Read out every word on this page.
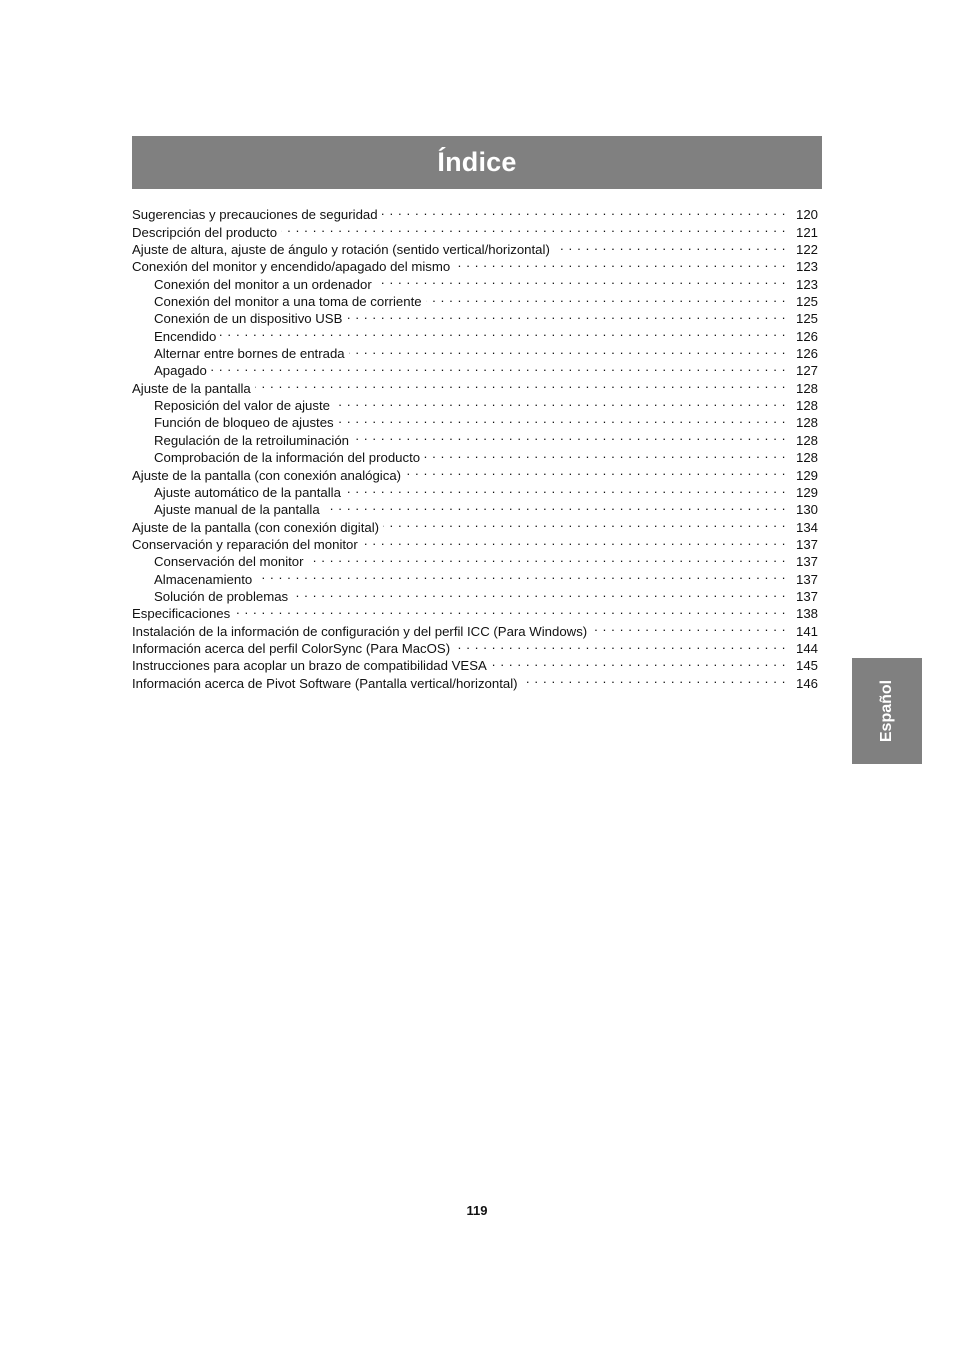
Índice
Sugerencias y precauciones de seguridad . . .	120
Descripción del producto . . .	121
Ajuste de altura, ajuste de ángulo y rotación (sentido vertical/horizontal) . . .	122
Conexión del monitor y encendido/apagado del mismo . . .	123
Conexión del monitor a un ordenador . . .	123
Conexión del monitor a una toma de corriente . . .	125
Conexión de un dispositivo USB . . .	125
Encendido . . .	126
Alternar entre bornes de entrada . . .	126
Apagado . . .	127
Ajuste de la pantalla . . .	128
Reposición del valor de ajuste . . .	128
Función de bloqueo de ajustes . . .	128
Regulación de la retroiluminación . . .	128
Comprobación de la información del producto . . .	128
Ajuste de la pantalla (con conexión analógica) . . .	129
Ajuste automático de la pantalla . . .	129
Ajuste manual de la pantalla . . .	130
Ajuste de la pantalla (con conexión digital) . . .	134
Conservación y reparación del monitor . . .	137
Conservación del monitor . . .	137
Almacenamiento . . .	137
Solución de problemas . . .	137
Especificaciones . . .	138
Instalación de la información de configuración y del perfil ICC (Para Windows) . . .	141
Información acerca del perfil ColorSync (Para MacOS) . . .	144
Instrucciones para acoplar un brazo de compatibilidad VESA . . .	145
Información acerca de Pivot Software (Pantalla vertical/horizontal) . . .	146	Español
119
